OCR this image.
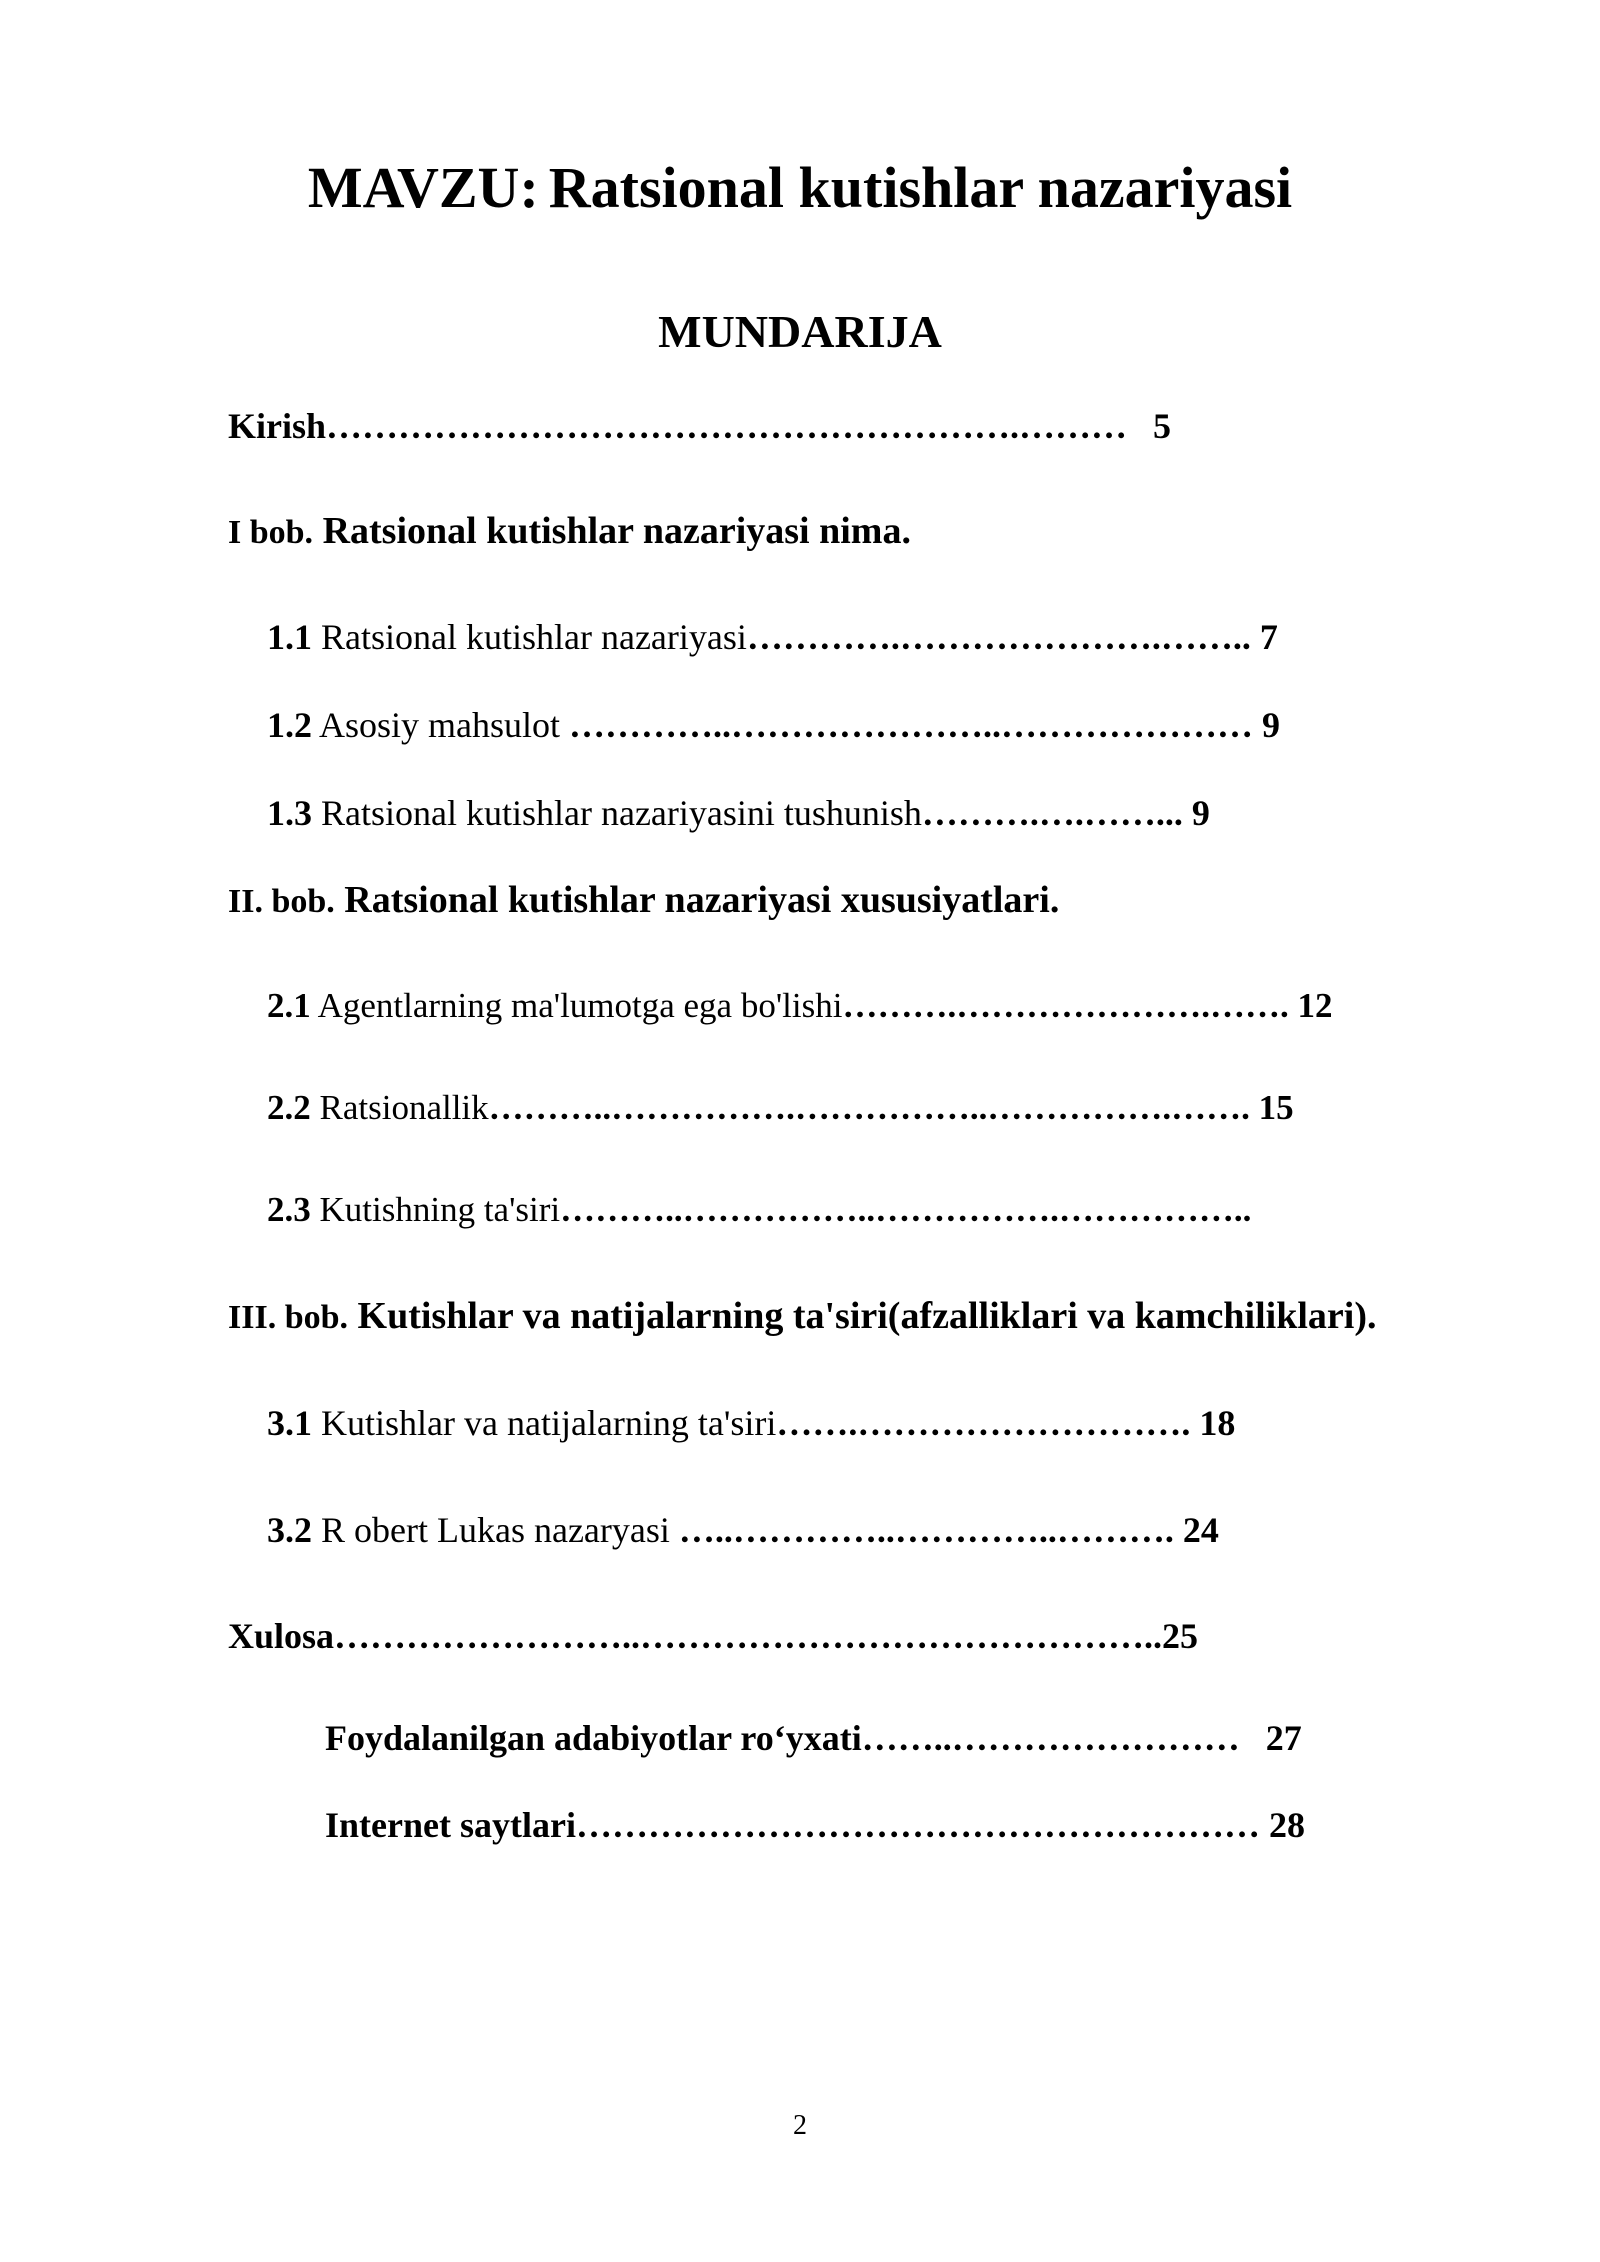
MAVZU: Ratsional kutishlar nazariyasi
MUNDARIJA
Kirish………………………………………………….……… 5
I bob. Ratsional kutishlar nazariyasi nima.
1.1 Ratsional kutishlar nazariyasi………….………………….…….. 7
1.2 Asosiy mahsulot …………..…………………..………………… 9
1.3 Ratsional kutishlar nazariyasini tushunish……….….……... 9
II. bob. Ratsional kutishlar nazariyasi xususiyatlari.
2.1 Agentlarning ma'lumotga ega bo'lishi……….………………….……. 12
2.2 Ratsionallik………..…………….……………..…………….……. 15
2.3 Kutishning ta'siri………..……………..…………….……………..
III. bob. Kutishlar va natijalarning ta'siri(afzalliklari va kamchiliklari).
3.1 Kutishlar va natijalarning ta'siri…….………………………. 18
3.2 R obert Lukas nazaryasi …..…………..…………..………. 24
Xulosa……………………..……………………………………..25
Foydalanilgan adabiyotlar ro‘yxati……..…………………… 27
Internet saytlari………………………………………………… 28
2
